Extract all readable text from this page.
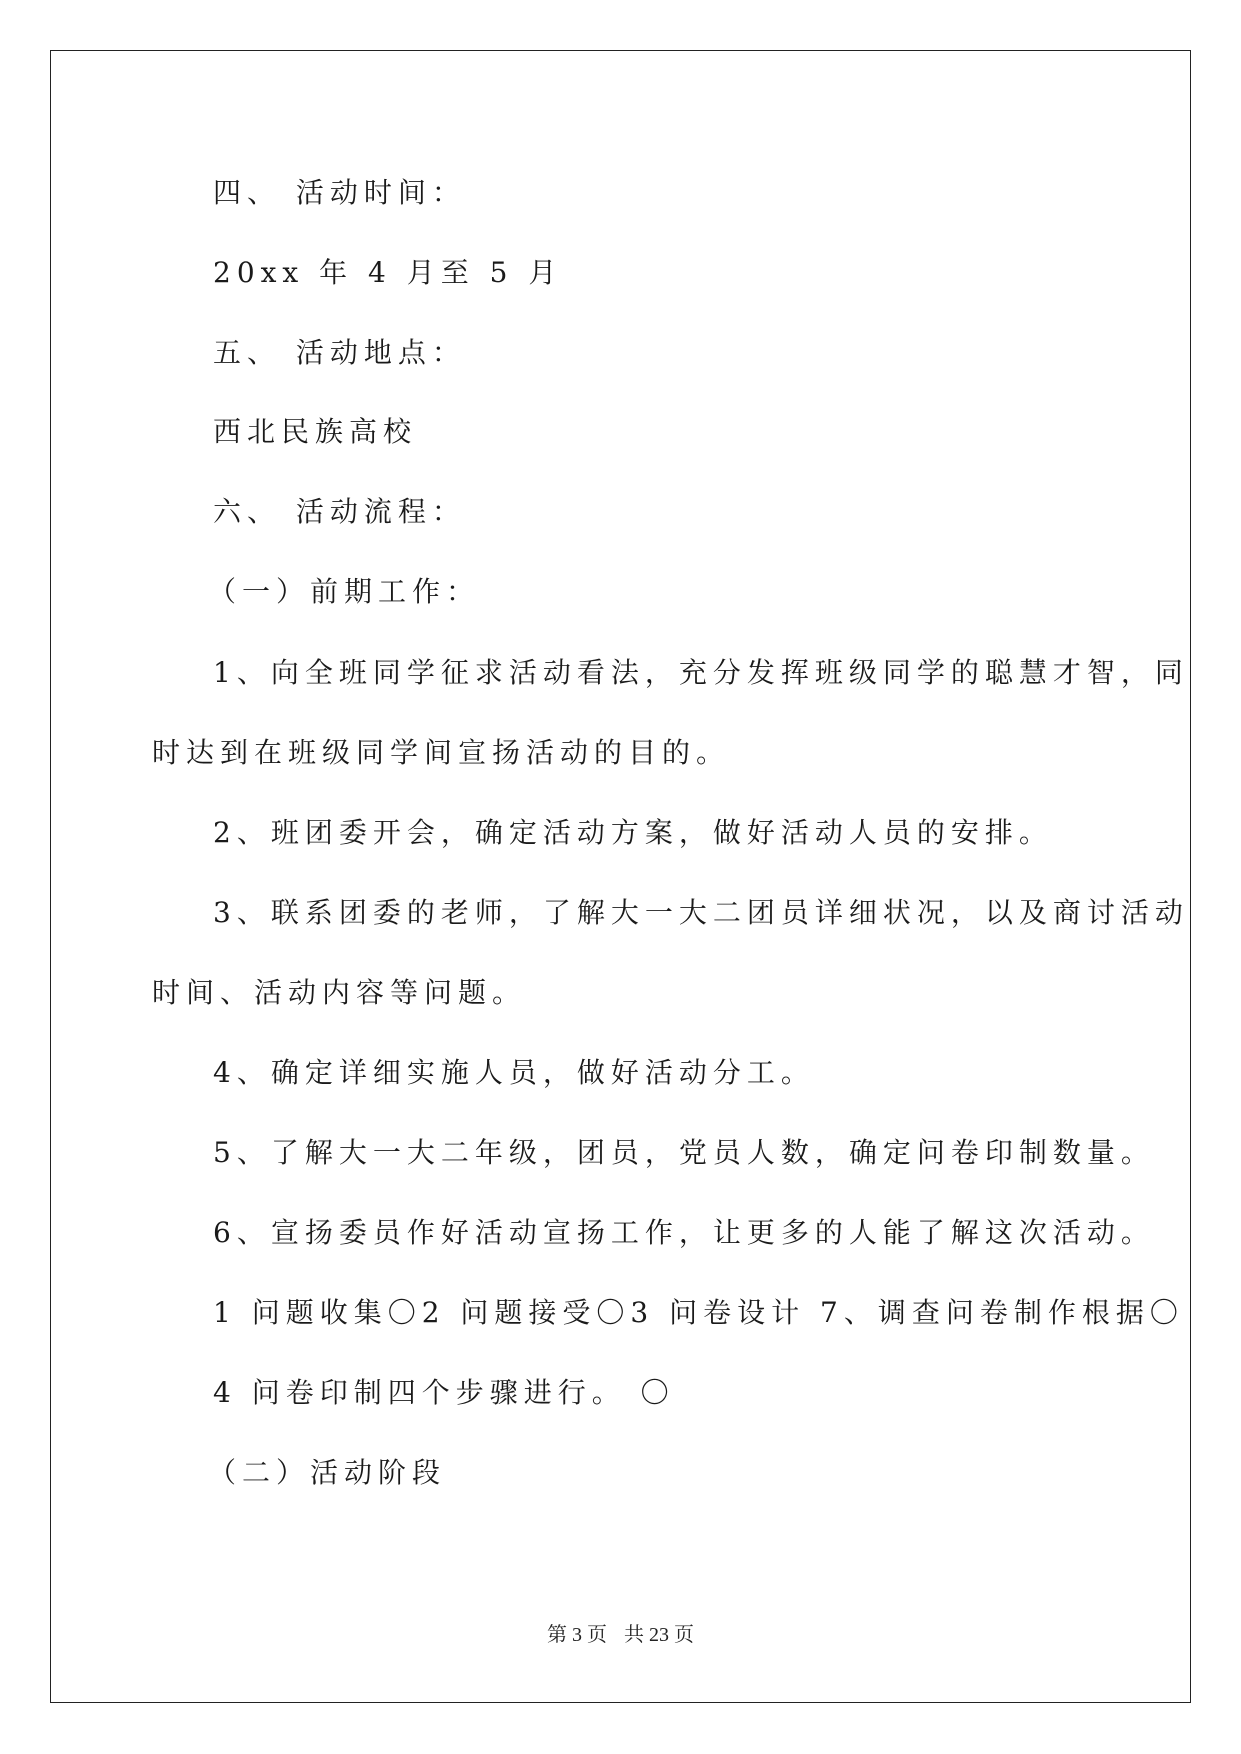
四、 活动时间：
20xx 年 4 月至 5 月
五、 活动地点：
西北民族高校
六、 活动流程：
（一）前期工作：
1、向全班同学征求活动看法，充分发挥班级同学的聪慧才智，同
时达到在班级同学间宣扬活动的目的。
2、班团委开会，确定活动方案，做好活动人员的安排。
3、联系团委的老师，了解大一大二团员详细状况，以及商讨活动
时间、活动内容等问题。
4、确定详细实施人员，做好活动分工。
5、了解大一大二年级，团员，党员人数，确定问卷印制数量。
6、宣扬委员作好活动宣扬工作，让更多的人能了解这次活动。
1 问题收集〇2 问题接受〇3 问卷设计 7、调查问卷制作根据〇
4 问卷印制四个步骤进行。 〇
（二）活动阶段
第 3 页 共 23 页
